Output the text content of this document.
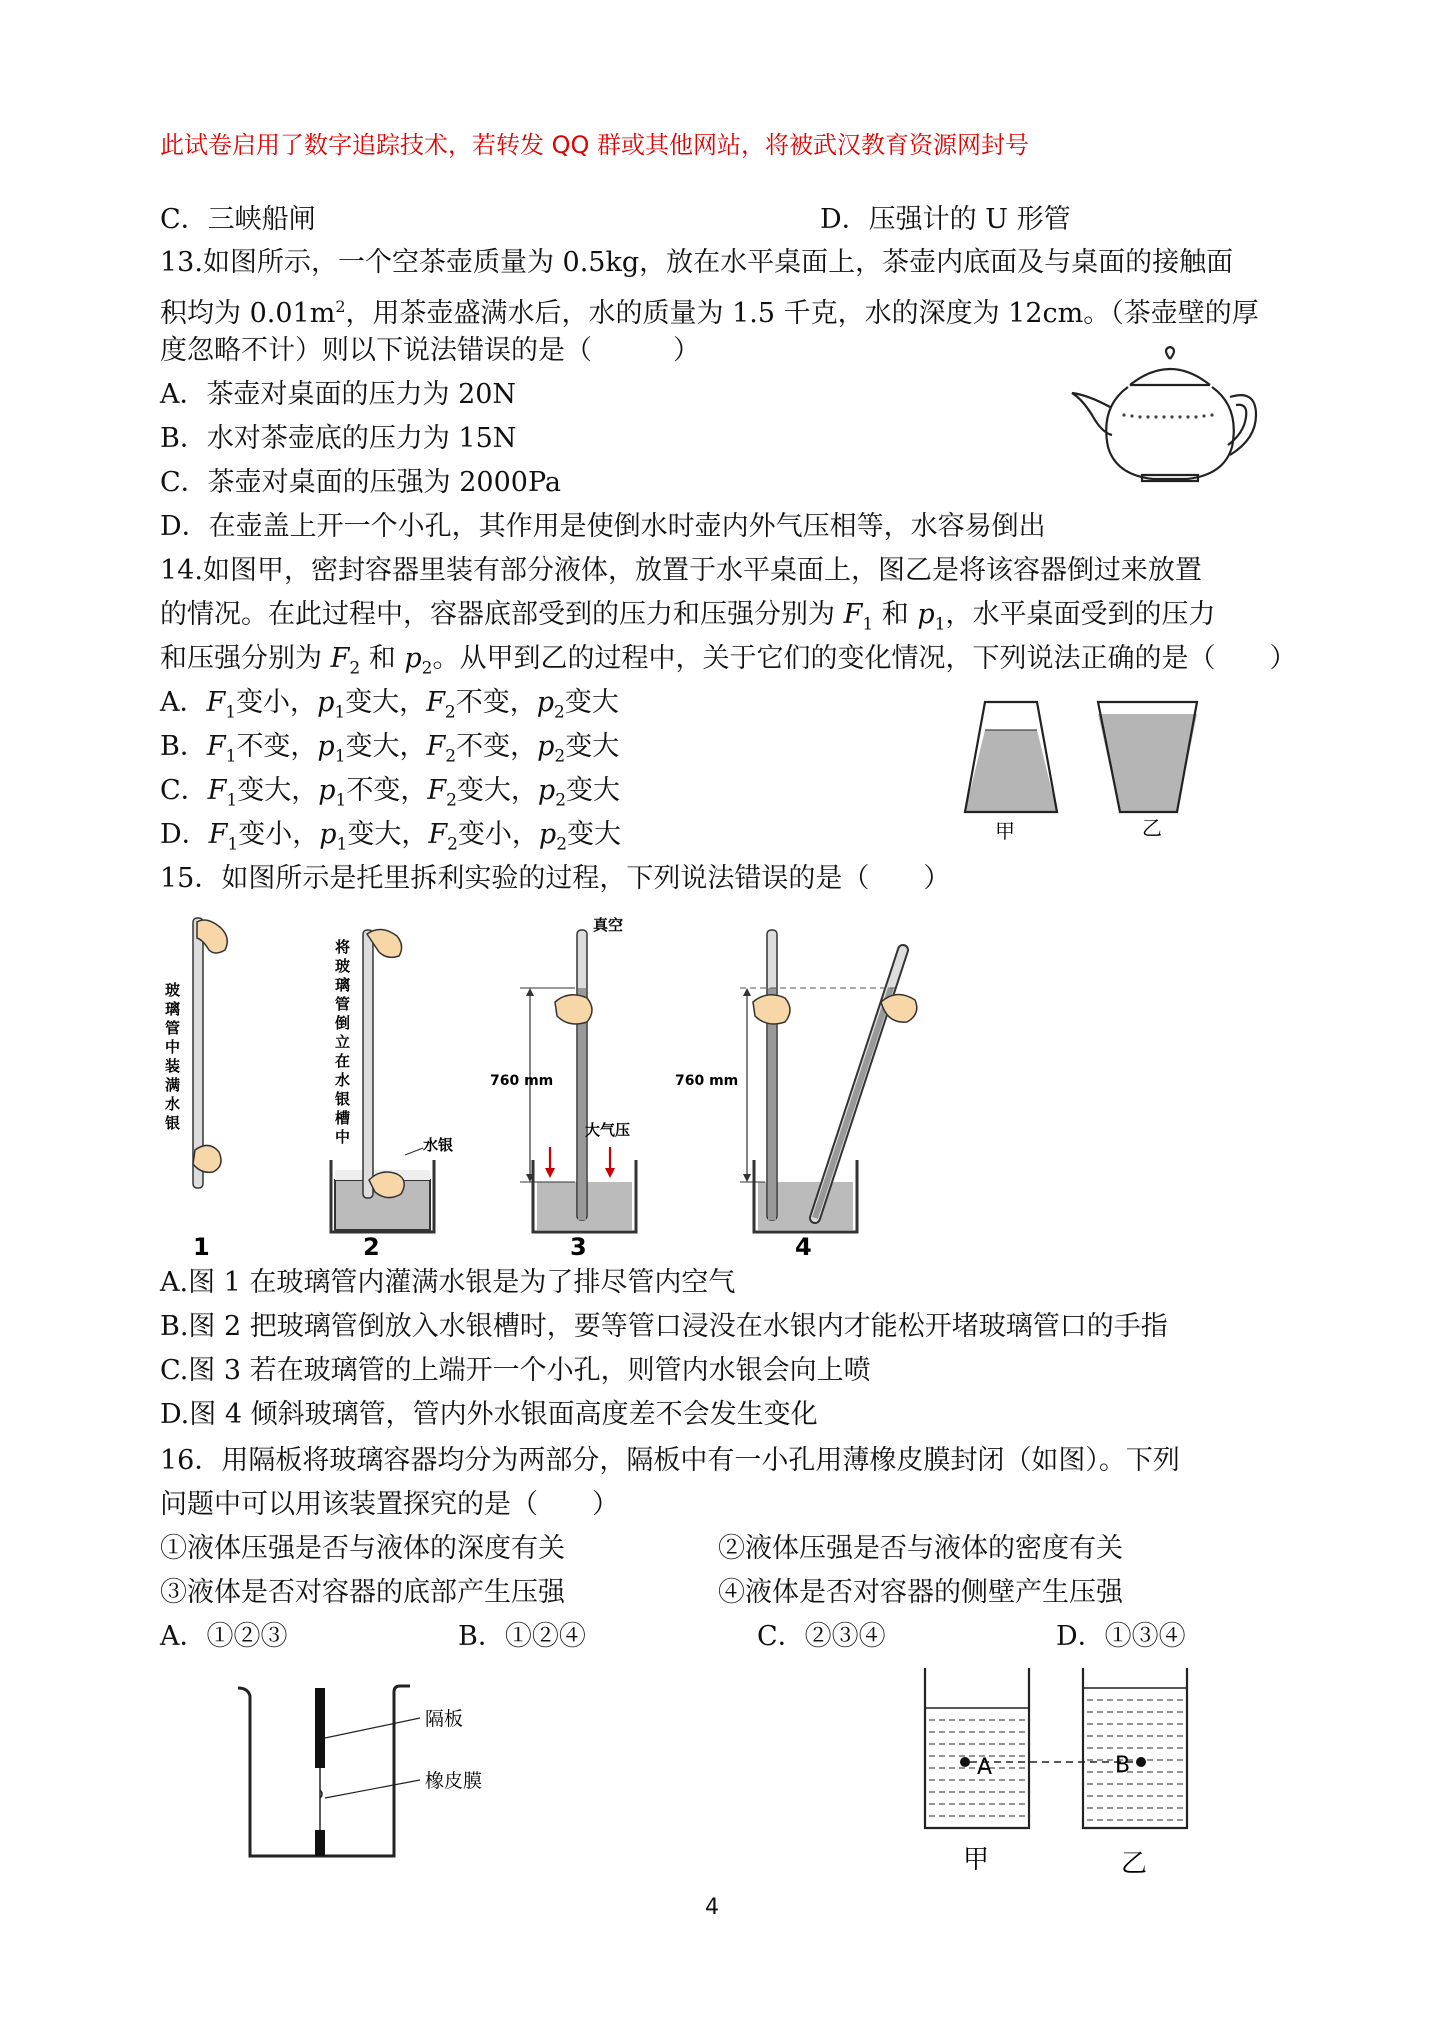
此试卷启用了数字追踪技术，若转发 QQ 群或其他网站，将被武汉教育资源网封号
C．三峡船闸	D．压强计的 U 形管
13.如图所示，一个空茶壶质量为 0.5kg，放在水平桌面上，茶壶内底面及与桌面的接触面
积均为 $0.01m^2$，用茶壶盛满水后，水的质量为 1.5 千克，水的深度为 12cm。（茶壶壁的厚
度忽略不计）则以下说法错误的是（　　　）
A．茶壶对桌面的压力为 20N
B．水对茶壶底的压力为 15N
C．茶壶对桌面的压强为 2000Pa
D．在壶盖上开一个小孔，其作用是使倒水时壶内外气压相等，水容易倒出
14.如图甲，密封容器里装有部分液体，放置于水平桌面上，图乙是将该容器倒过来放置
的情况。在此过程中，容器底部受到的压力和压强分别为 $F_1$ 和 $p_1$，水平桌面受到的压力
和压强分别为 $F_2$ 和 $p_2$。从甲到乙的过程中，关于它们的变化情况，下列说法正确的是（　　）
A．$F_1$变小，$p_1$变大，$F_2$不变，$p_2$变大
B．$F_1$不变，$p_1$变大，$F_2$不变，$p_2$变大
C．$F_1$变大，$p_1$不变，$F_2$变大，$p_2$变大
D．$F_1$变小，$p_1$变大，$F_2$变小，$p_2$变大	甲	乙
15．如图所示是托里拆利实验的过程，下列说法错误的是（　　）
玻
璃
管
中
装
满
水
银
将
玻
璃
管
倒
立
在
水
银
槽
中	水银
真空
760 mm
大气压
760 mm
1	2	3	4
A.图 1 在玻璃管内灌满水银是为了排尽管内空气
B.图 2 把玻璃管倒放入水银槽时，要等管口浸没在水银内才能松开堵玻璃管口的手指
C.图 3 若在玻璃管的上端开一个小孔，则管内水银会向上喷
D.图 4 倾斜玻璃管，管内外水银面高度差不会发生变化
16．用隔板将玻璃容器均分为两部分，隔板中有一小孔用薄橡皮膜封闭（如图）。下列
问题中可以用该装置探究的是（　　）
①液体压强是否与液体的深度有关	②液体压强是否与液体的密度有关
③液体是否对容器的底部产生压强	④液体是否对容器的侧壁产生压强
A．①②③	B．①②④	C．②③④	D．①③④
隔板
橡皮膜
A	B
甲	乙
4
